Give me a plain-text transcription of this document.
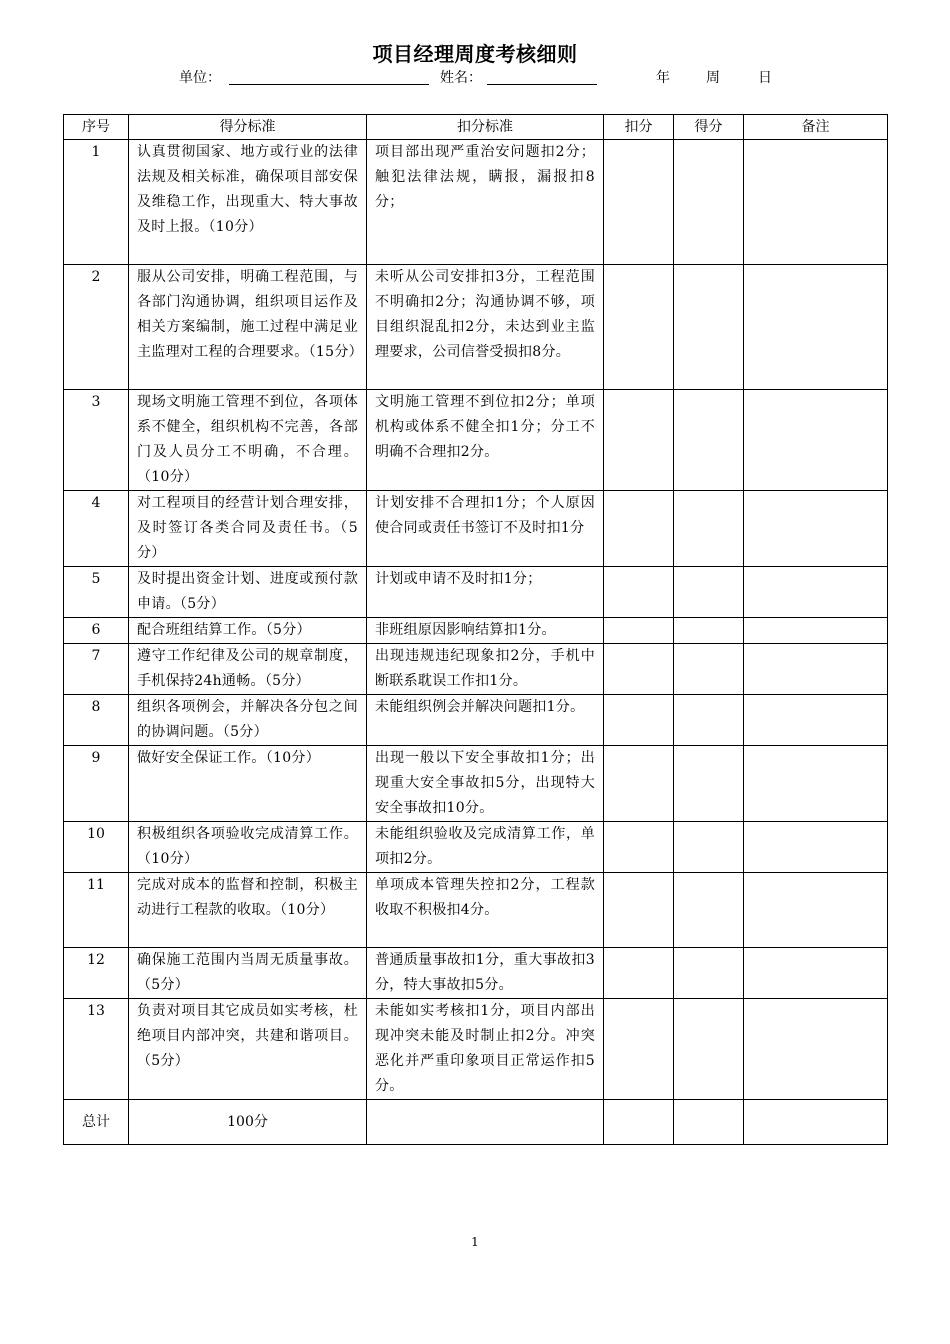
项目经理周度考核细则
单位：	姓名：	年	周	日
序号	得分标准	扣分标准	扣分	得分	备注
1	认真贯彻国家、地方或行业的法律法规及相关标准，确保项目部安保及维稳工作，出现重大、特大事故及时上报。（10分）	项目部出现严重治安问题扣2分；触犯法律法规，瞒报，漏报扣8分；			
2	服从公司安排，明确工程范围，与各部门沟通协调，组织项目运作及相关方案编制，施工过程中满足业主监理对工程的合理要求。（15分）	未听从公司安排扣3分，工程范围不明确扣2分；沟通协调不够，项目组织混乱扣2分，未达到业主监理要求，公司信誉受损扣8分。			
3	现场文明施工管理不到位，各项体系不健全，组织机构不完善，各部门及人员分工不明确，不合理。（10分）	文明施工管理不到位扣2分；单项机构或体系不健全扣1分；分工不明确不合理扣2分。			
4	对工程项目的经营计划合理安排，及时签订各类合同及责任书。（5分）	计划安排不合理扣1分；个人原因使合同或责任书签订不及时扣1分			
5	及时提出资金计划、进度或预付款申请。（5分）	计划或申请不及时扣1分；			
6	配合班组结算工作。（5分）	非班组原因影响结算扣1分。			
7	遵守工作纪律及公司的规章制度，手机保持24h通畅。（5分）	出现违规违纪现象扣2分，手机中断联系耽误工作扣1分。			
8	组织各项例会，并解决各分包之间的协调问题。（5分）	未能组织例会并解决问题扣1分。			
9	做好安全保证工作。（10分）	出现一般以下安全事故扣1分；出现重大安全事故扣5分，出现特大安全事故扣10分。			
10	积极组织各项验收完成清算工作。（10分）	未能组织验收及完成清算工作，单项扣2分。			
11	完成对成本的监督和控制，积极主动进行工程款的收取。（10分）	单项成本管理失控扣2分，工程款收取不积极扣4分。			
12	确保施工范围内当周无质量事故。（5分）	普通质量事故扣1分，重大事故扣3分，特大事故扣5分。			
13	负责对项目其它成员如实考核，杜绝项目内部冲突，共建和谐项目。（5分）	未能如实考核扣1分，项目内部出现冲突未能及时制止扣2分。冲突恶化并严重印象项目正常运作扣5分。			
总计	100分				
1
